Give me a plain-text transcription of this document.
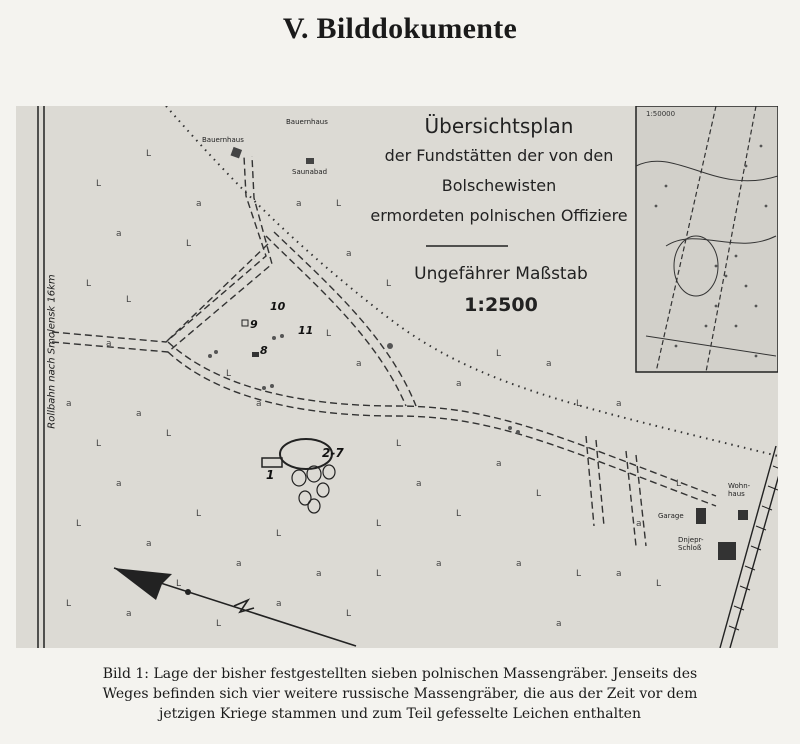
V. Bilddokumente
L
L
a
a
L
L
L
a
L
a
L
a
L
a
L
L
a
L
a
L
a
L
a
L
a
L
a
L
a
L	a
L
L
a
L
a
L	a
L
a
L
a
a	L
a
L
a
L
a
L
a
a
L
Übersichtsplan
der Fundstätten der von den
Bolschewisten
ermordeten polnischen Offiziere
Ungefährer Maßstab
1:2500
Rollbahn nach Smolensk 16km
Bauernhaus
Bauernhaus
Saunabad
Garage
Wohn-
haus
Dnjepr-
Schloß
1
2-7
8
9
10
11
1:50000
Bild 1: Lage der bisher festgestellten sieben polnischen Massengräber. Jenseits des
Weges befinden sich vier weitere russische Massengräber, die aus der Zeit vor dem
jetzigen Kriege stammen und zum Teil gefesselte Leichen enthalten
